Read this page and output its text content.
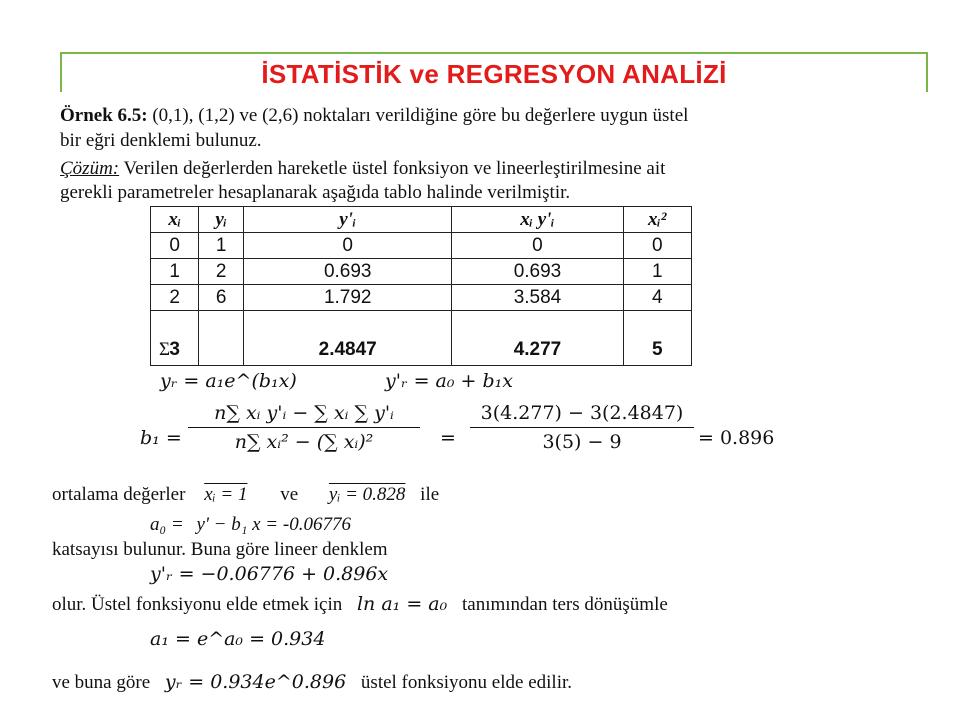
İSTATİSTİK ve REGRESYON ANALİZİ
Örnek 6.5: (0,1), (1,2) ve (2,6) noktaları verildiğine göre bu değerlere uygun üstel
bir eğri denklemi bulunuz.
Çözüm: Verilen değerlerden hareketle üstel fonksiyon ve lineerleştirilmesine ait
gerekli parametreler hesaplanarak aşağıda tablo halinde verilmiştir.
xᵢ	yᵢ	y'ᵢ	xᵢ y'ᵢ	xᵢ²
0	1	0	0	0
1	2	0.693	0.693	1
2	6	1.792	3.584	4

Σ 3		2.4847	4.277	5
yᵣ = a₁e^(b₁x)	y'ᵣ = a₀ + b₁x
$b_1 = \frac{\text{n∑ xᵢ y'ᵢ − ∑ xᵢ ∑ y'ᵢ}}{\text{n∑ xᵢ² − (∑ xᵢ)²}} = \frac{3(4.277) - 3(2.4847)}{3(5) - 9} = 0.896$
ortalama değerler xᵢ = 1 ve yᵢ = 0.828 ile
a₀ = y' − b₁ x = -0.06776
katsayısı bulunur. Buna göre lineer denklem
y'ᵣ = −0.06776 + 0.896x
olur. Üstel fonksiyonu elde etmek için ln a₁ = a₀ tanımından ters dönüşümle
a₁ = e^a₀ = 0.934
ve buna göre yᵣ = 0.934e^0.896 üstel fonksiyonu elde edilir.
